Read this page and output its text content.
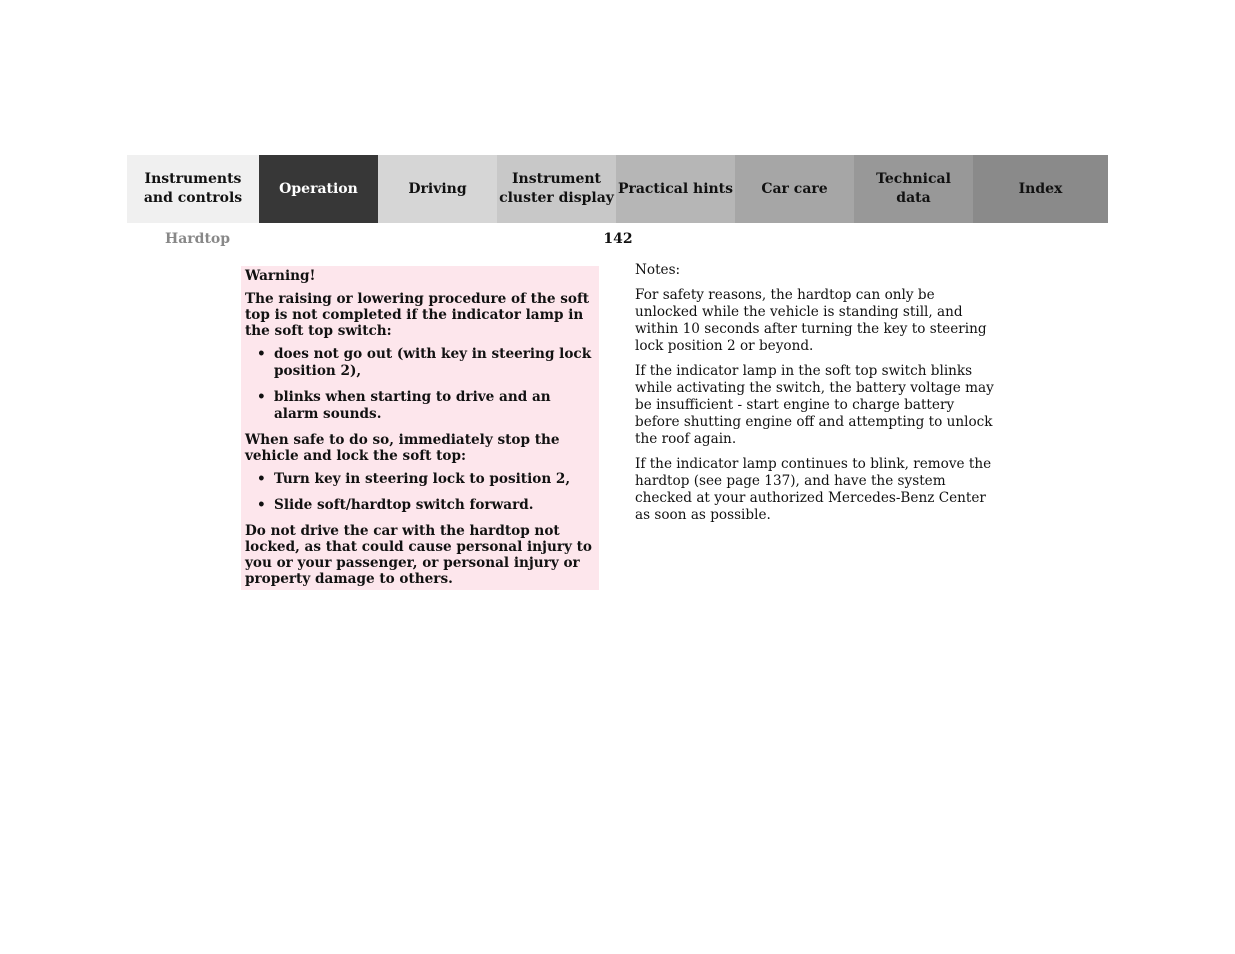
Instruments
and controls
Operation	Driving
Instrument
cluster display
Practical hints	Car care
Technical
data
Index
Hardtop	142

Warning!

The raising or lowering procedure of the soft top is not completed if the indicator lamp in the soft top switch:

• does not go out (with key in steering lock position 2),
• blinks when starting to drive and an alarm sounds.

When safe to do so, immediately stop the vehicle and lock the soft top:

• Turn key in steering lock to position 2,
• Slide soft/hardtop switch forward.

Do not drive the car with the hardtop not locked, as that could cause personal injury to you or your passenger, or personal injury or property damage to others.

Notes:

For safety reasons, the hardtop can only be unlocked while the vehicle is standing still, and within 10 seconds after turning the key to steering lock position 2 or beyond.

If the indicator lamp in the soft top switch blinks while activating the switch, the battery voltage may be insufficient - start engine to charge battery before shutting engine off and attempting to unlock the roof again.

If the indicator lamp continues to blink, remove the hardtop (see page 137), and have the system checked at your authorized Mercedes-Benz Center as soon as possible.
